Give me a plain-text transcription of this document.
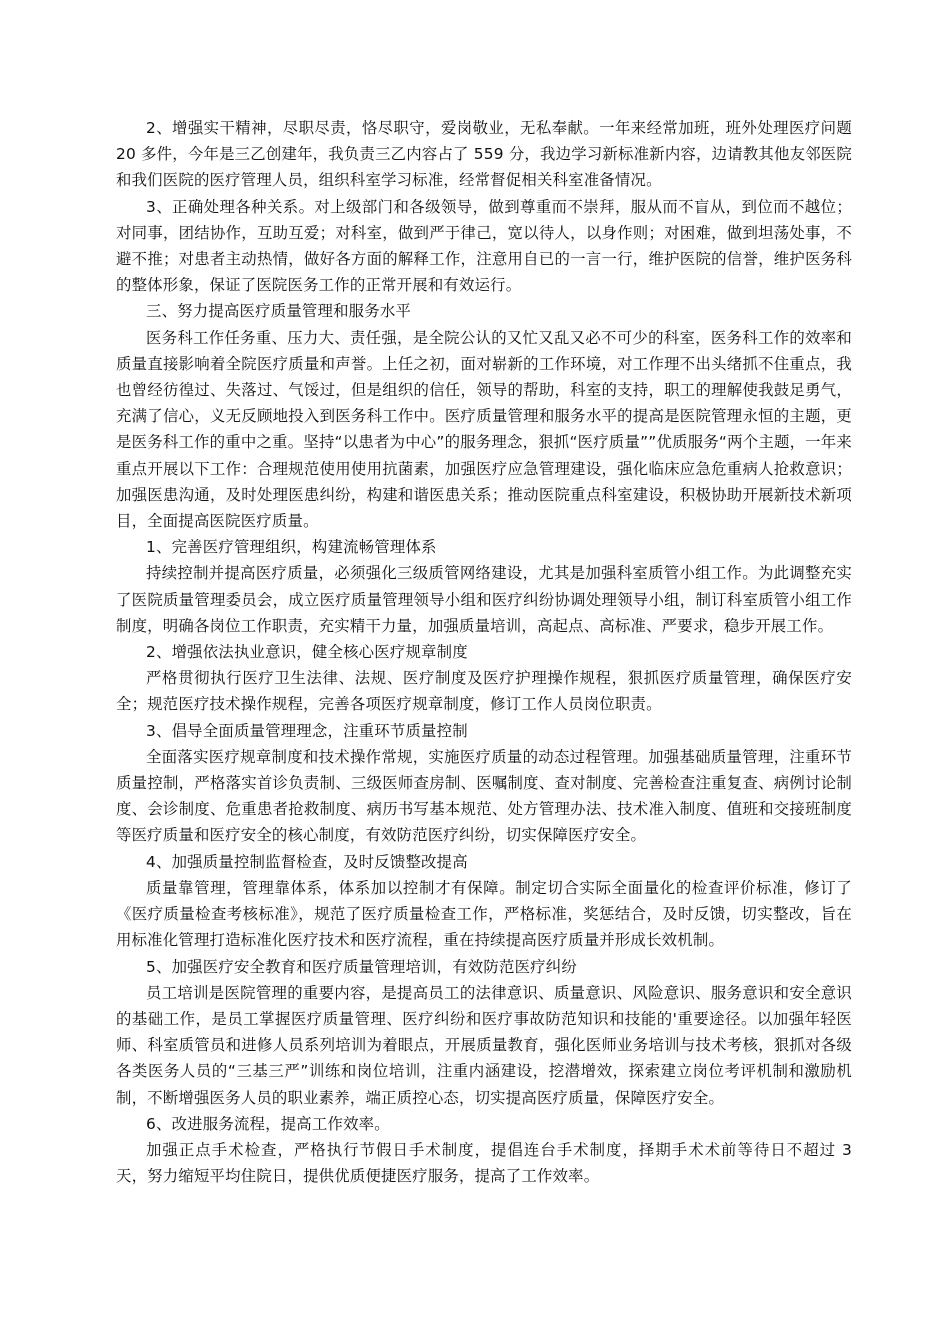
2、增强实干精神，尽职尽责，恪尽职守，爱岗敬业，无私奉献。一年来经常加班，班外处理医疗问题 20 多件，今年是三乙创建年，我负责三乙内容占了 559 分，我边学习新标准新内容，边请教其他友邻医院和我们医院的医疗管理人员，组织科室学习标准，经常督促相关科室准备情况。

3、正确处理各种关系。对上级部门和各级领导，做到尊重而不崇拜，服从而不盲从，到位而不越位；对同事，团结协作，互助互爱；对科室，做到严于律己，宽以待人，以身作则；对困难，做到坦荡处事，不避不推；对患者主动热情，做好各方面的解释工作，注意用自已的一言一行，维护医院的信誉，维护医务科的整体形象，保证了医院医务工作的正常开展和有效运行。

三、努力提高医疗质量管理和服务水平

医务科工作任务重、压力大、责任强，是全院公认的又忙又乱又必不可少的科室，医务科工作的效率和质量直接影响着全院医疗质量和声誉。上任之初，面对崭新的工作环境，对工作理不出头绪抓不住重点，我也曾经彷徨过、失落过、气馁过，但是组织的信任，领导的帮助，科室的支持，职工的理解使我鼓足勇气，充满了信心，义无反顾地投入到医务科工作中。医疗质量管理和服务水平的提高是医院管理永恒的主题，更是医务科工作的重中之重。坚持“以患者为中心”的服务理念，狠抓“医疗质量””优质服务“两个主题，一年来重点开展以下工作：合理规范使用使用抗菌素，加强医疗应急管理建设，强化临床应急危重病人抢救意识；加强医患沟通，及时处理医患纠纷，构建和谐医患关系；推动医院重点科室建设，积极协助开展新技术新项目，全面提高医院医疗质量。

1、完善医疗管理组织，构建流畅管理体系

持续控制并提高医疗质量，必须强化三级质管网络建设，尤其是加强科室质管小组工作。为此调整充实了医院质量管理委员会，成立医疗质量管理领导小组和医疗纠纷协调处理领导小组，制订科室质管小组工作制度，明确各岗位工作职责，充实精干力量，加强质量培训，高起点、高标准、严要求，稳步开展工作。

2、增强依法执业意识，健全核心医疗规章制度

严格贯彻执行医疗卫生法律、法规、医疗制度及医疗护理操作规程，狠抓医疗质量管理，确保医疗安全；规范医疗技术操作规程，完善各项医疗规章制度，修订工作人员岗位职责。

3、倡导全面质量管理理念，注重环节质量控制

全面落实医疗规章制度和技术操作常规，实施医疗质量的动态过程管理。加强基础质量管理，注重环节质量控制，严格落实首诊负责制、三级医师查房制、医嘱制度、查对制度、完善检查注重复查、病例讨论制度、会诊制度、危重患者抢救制度、病历书写基本规范、处方管理办法、技术准入制度、值班和交接班制度等医疗质量和医疗安全的核心制度，有效防范医疗纠纷，切实保障医疗安全。

4、加强质量控制监督检查，及时反馈整改提高

质量靠管理，管理靠体系，体系加以控制才有保障。制定切合实际全面量化的检查评价标准，修订了《医疗质量检查考核标准》，规范了医疗质量检查工作，严格标准，奖惩结合，及时反馈，切实整改，旨在用标准化管理打造标准化医疗技术和医疗流程，重在持续提高医疗质量并形成长效机制。

5、加强医疗安全教育和医疗质量管理培训，有效防范医疗纠纷

员工培训是医院管理的重要内容，是提高员工的法律意识、质量意识、风险意识、服务意识和安全意识的基础工作，是员工掌握医疗质量管理、医疗纠纷和医疗事故防范知识和技能的'重要途径。以加强年轻医师、科室质管员和进修人员系列培训为着眼点，开展质量教育，强化医师业务培训与技术考核，狠抓对各级各类医务人员的“三基三严”训练和岗位培训，注重内涵建设，挖潜增效，探索建立岗位考评机制和激励机制，不断增强医务人员的职业素养，端正质控心态，切实提高医疗质量，保障医疗安全。

6、改进服务流程，提高工作效率。

加强正点手术检查，严格执行节假日手术制度，提倡连台手术制度，择期手术术前等待日不超过 3 天，努力缩短平均住院日，提供优质便捷医疗服务，提高了工作效率。
